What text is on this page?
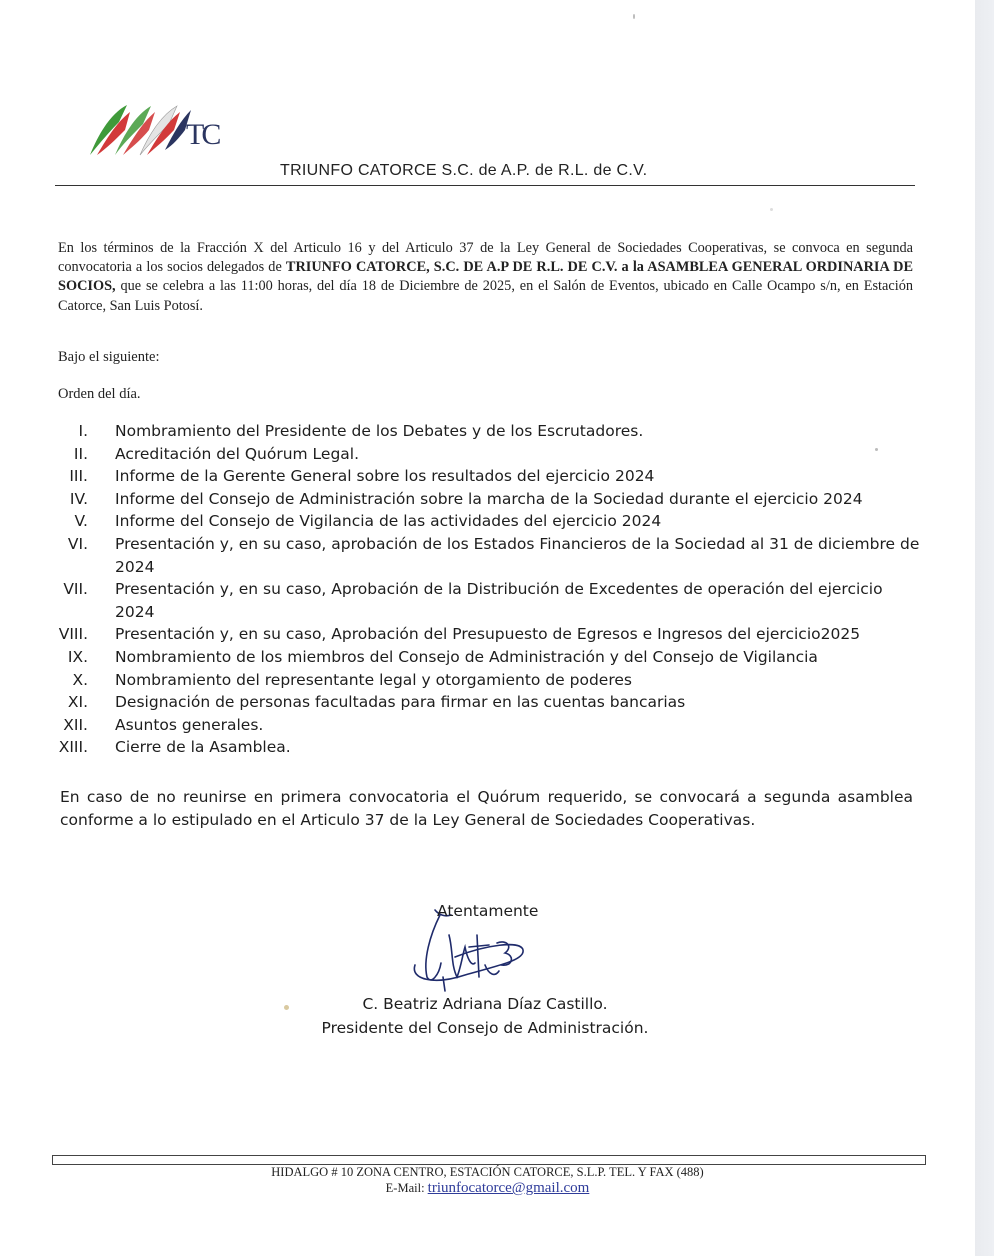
TC
TRIUNFO CATORCE S.C. de A.P. de R.L. de C.V.

En los términos de la Fracción X del Articulo 16 y del Articulo 37 de la Ley General de Sociedades Cooperativas, se convoca en segunda convocatoria a los socios delegados de TRIUNFO CATORCE, S.C. DE A.P DE R.L. DE C.V. a la ASAMBLEA GENERAL ORDINARIA DE SOCIOS, que se celebra a las 11:00 horas, del día 18 de Diciembre de 2025, en el Salón de Eventos, ubicado en Calle Ocampo s/n, en Estación Catorce, San Luis Potosí.

Bajo el siguiente:

Orden del día.

I.	Nombramiento del Presidente de los Debates y de los Escrutadores.
II.	Acreditación del Quórum Legal.
III.	Informe de la Gerente General sobre los resultados del ejercicio 2024
IV.	Informe del Consejo de Administración sobre la marcha de la Sociedad durante el ejercicio 2024
V.	Informe del Consejo de Vigilancia de las actividades del ejercicio 2024
VI.	Presentación y, en su caso, aprobación de los Estados Financieros de la Sociedad al 31 de diciembre de 2024
VII.	Presentación y, en su caso, Aprobación de la Distribución de Excedentes de operación del ejercicio 2024
VIII.	Presentación y, en su caso, Aprobación del Presupuesto de Egresos e Ingresos del ejercicio2025
IX.	Nombramiento de los miembros del Consejo de Administración y del Consejo de Vigilancia
X.	Nombramiento del representante legal y otorgamiento de poderes
XI.	Designación de personas facultadas para firmar en las cuentas bancarias
XII.	Asuntos generales.
XIII.	Cierre de la Asamblea.

En caso de no reunirse en primera convocatoria el Quórum requerido, se convocará a segunda asamblea conforme a lo estipulado en el Articulo 37 de la Ley General de Sociedades Cooperativas.

Atentamente
C. Beatriz Adriana Díaz Castillo.
Presidente del Consejo de Administración.
HIDALGO # 10 ZONA CENTRO, ESTACIÓN CATORCE, S.L.P. TEL. Y FAX (488)
E-Mail: triunfocatorce@gmail.com
